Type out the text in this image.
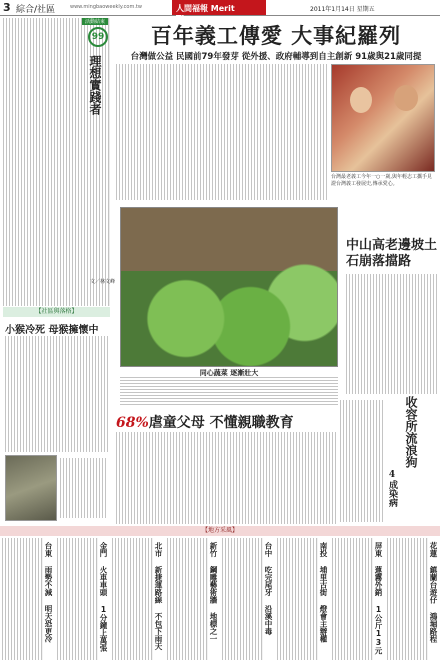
3 綜合/社區	www.mingbaoweekly.com.tw	人間福報 Merit Times
2011年1月14日 星期五
活動結束
99
理想實踐者
文／林文峰
百年義工傳愛 大事紀羅列
台灣做公益 民國前79年發芽 從外援、政府輔導到自主創新 91歲與21歲同提
台灣最老義工今年一○一歲,與年輕志工攜手見證台灣義工發展史,傳承愛心。
同心蔬菜 逐漸壯大
中山高老邊坡土石崩落擋路
68%虐童父母 不懂親職教育	收容所流浪狗
4成染病
【社區與落格】
小猴冷死 母猴擁懷中
【地方采風】
花蓮 鎮蘭台遊仔 鴻堀路程
屏東 蓮霧外銷 1公斤13元
南投 埔里古街 燈會主辦權
台中 吃完尾牙 沿溪中毒
新竹 鋼雕藝術牆 地標之一
北市 新捷運路線 不包下雨天
金門 火車車頭 1分鐘上萬張
台東 雨勢不減 明天恐更冷
